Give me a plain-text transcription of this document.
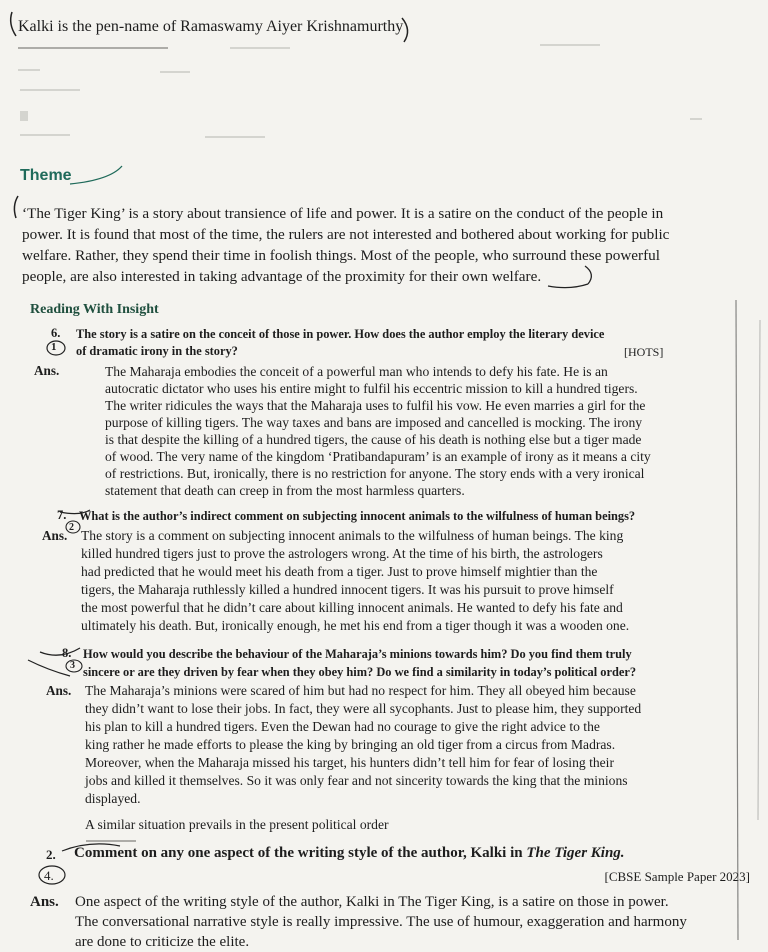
Kalki is the pen-name of Ramaswamy Aiyer Krishnamurthy
Theme
‘The Tiger King’ is a story about transience of life and power. It is a satire on the conduct of the people in
power. It is found that most of the time, the rulers are not interested and bothered about working for public
welfare. Rather, they spend their time in foolish things. Most of the people, who surround these powerful
people, are also interested in taking advantage of the proximity for their own welfare.
Reading With Insight
6.
1
The story is a satire on the conceit of those in power. How does the author employ the literary device
of dramatic irony in the story?	[HOTS]
Ans.	The Maharaja embodies the conceit of a powerful man who intends to defy his fate. He is an
autocratic dictator who uses his entire might to fulfil his eccentric mission to kill a hundred tigers.
The writer ridicules the ways that the Maharaja uses to fulfil his vow. He even marries a girl for the
purpose of killing tigers. The way taxes and bans are imposed and cancelled is mocking. The irony
is that despite the killing of a hundred tigers, the cause of his death is nothing else but a tiger made
of wood. The very name of the kingdom ‘Pratibandapuram’ is an example of irony as it means a city
of restrictions. But, ironically, there is no restriction for anyone. The story ends with a very ironical
statement that death can creep in from the most harmless quarters.
7.
2
What is the author’s indirect comment on subjecting innocent animals to the wilfulness of human beings?
Ans. The story is a comment on subjecting innocent animals to the wilfulness of human beings. The king
killed hundred tigers just to prove the astrologers wrong. At the time of his birth, the astrologers
had predicted that he would meet his death from a tiger. Just to prove himself mightier than the
tigers, the Maharaja ruthlessly killed a hundred innocent tigers. It was his pursuit to prove himself
the most powerful that he didn’t care about killing innocent animals. He wanted to defy his fate and
ultimately his death. But, ironically enough, he met his end from a tiger though it was a wooden one.
8.
3
How would you describe the behaviour of the Maharaja’s minions towards him? Do you find them truly
sincere or are they driven by fear when they obey him? Do we find a similarity in today’s political order?
Ans. The Maharaja’s minions were scared of him but had no respect for him. They all obeyed him because
they didn’t want to lose their jobs. In fact, they were all sycophants. Just to please him, they supported
his plan to kill a hundred tigers. Even the Dewan had no courage to give the right advice to the
king rather he made efforts to please the king by bringing an old tiger from a circus from Madras.
Moreover, when the Maharaja missed his target, his hunters didn’t tell him for fear of losing their
jobs and killed it themselves. So it was only fear and not sincerity towards the king that the minions
displayed.
A similar situation prevails in the present political order
2.
4.
Comment on any one aspect of the writing style of the author, Kalki in The Tiger King.
[CBSE Sample Paper 2023]
Ans. One aspect of the writing style of the author, Kalki in The Tiger King, is a satire on those in power.
The conversational narrative style is really impressive. The use of humour, exaggeration and harmony
are done to criticize the elite.
